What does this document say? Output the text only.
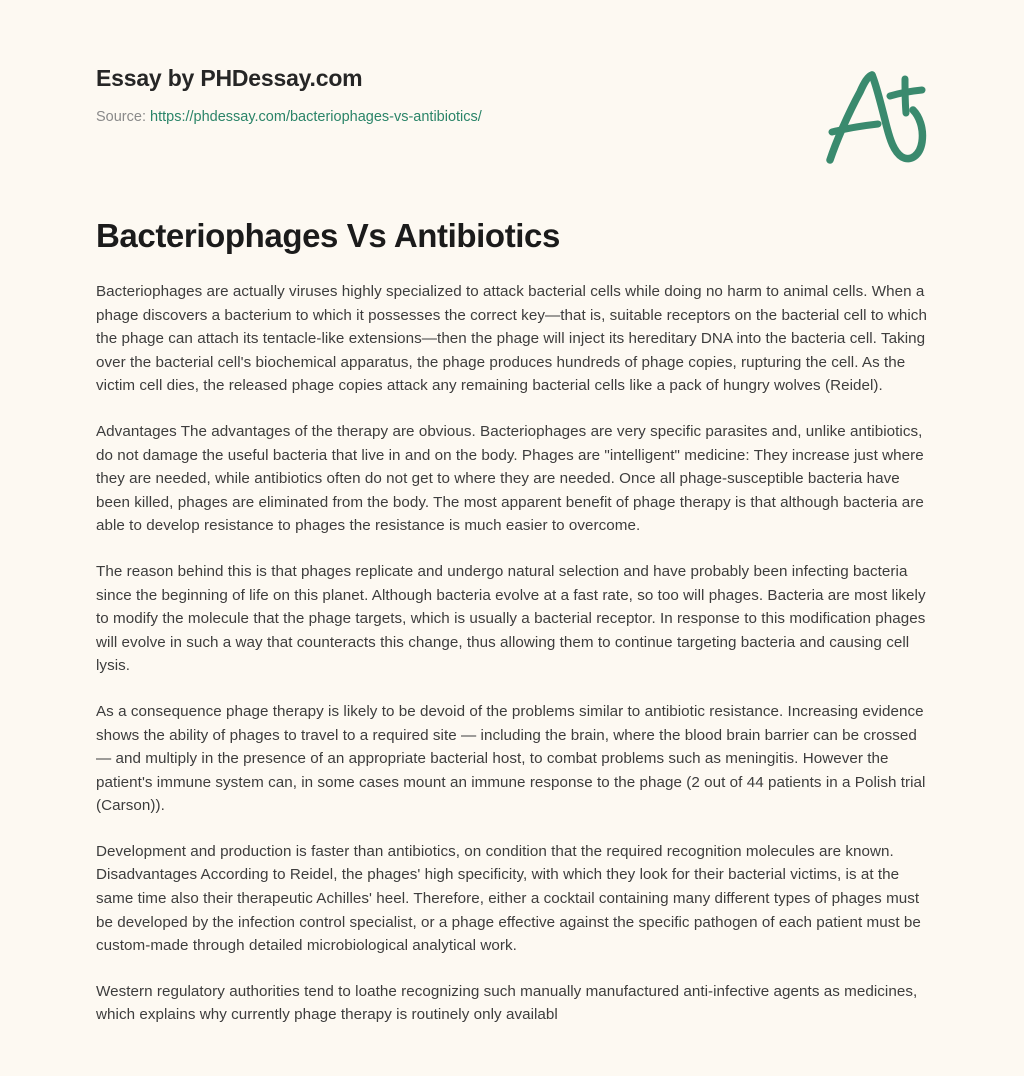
Essay by PHDessay.com
Source: https://phdessay.com/bacteriophages-vs-antibiotics/
Bacteriophages Vs Antibiotics

Bacteriophages are actually viruses highly specialized to attack bacterial cells while doing no harm to animal cells. When a phage discovers a bacterium to which it possesses the correct key—that is, suitable receptors on the bacterial cell to which the phage can attach its tentacle-like extensions—then the phage will inject its hereditary DNA into the bacteria cell. Taking over the bacterial cell's biochemical apparatus, the phage produces hundreds of phage copies, rupturing the cell. As the victim cell dies, the released phage copies attack any remaining bacterial cells like a pack of hungry wolves (Reidel).

Advantages The advantages of the therapy are obvious. Bacteriophages are very specific parasites and, unlike antibiotics, do not damage the useful bacteria that live in and on the body. Phages are "intelligent" medicine: They increase just where they are needed, while antibiotics often do not get to where they are needed. Once all phage-susceptible bacteria have been killed, phages are eliminated from the body. The most apparent benefit of phage therapy is that although bacteria are able to develop resistance to phages the resistance is much easier to overcome.

The reason behind this is that phages replicate and undergo natural selection and have probably been infecting bacteria since the beginning of life on this planet. Although bacteria evolve at a fast rate, so too will phages. Bacteria are most likely to modify the molecule that the phage targets, which is usually a bacterial receptor. In response to this modification phages will evolve in such a way that counteracts this change, thus allowing them to continue targeting bacteria and causing cell lysis.

As a consequence phage therapy is likely to be devoid of the problems similar to antibiotic resistance. Increasing evidence shows the ability of phages to travel to a required site — including the brain, where the blood brain barrier can be crossed — and multiply in the presence of an appropriate bacterial host, to combat problems such as meningitis. However the patient's immune system can, in some cases mount an immune response to the phage (2 out of 44 patients in a Polish trial (Carson)).

Development and production is faster than antibiotics, on condition that the required recognition molecules are known. Disadvantages According to Reidel, the phages' high specificity, with which they look for their bacterial victims, is at the same time also their therapeutic Achilles' heel. Therefore, either a cocktail containing many different types of phages must be developed by the infection control specialist, or a phage effective against the specific pathogen of each patient must be custom-made through detailed microbiological analytical work.

Western regulatory authorities tend to loathe recognizing such manually manufactured anti-infective agents as medicines, which explains why currently phage therapy is routinely only availabl
